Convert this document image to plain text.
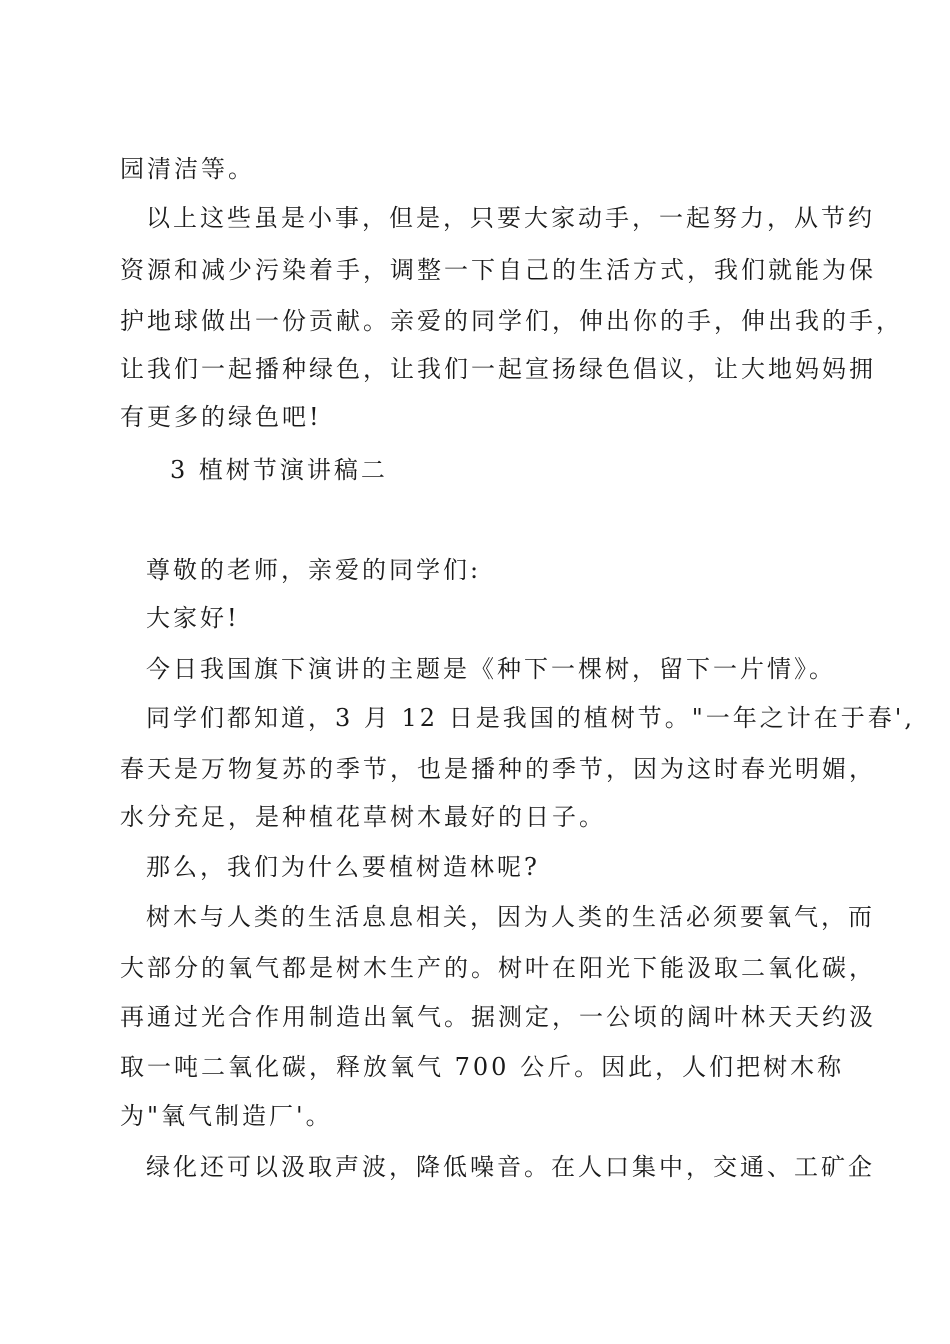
园清洁等。
以上这些虽是小事，但是，只要大家动手，一起努力，从节约
资源和减少污染着手，调整一下自己的生活方式，我们就能为保
护地球做出一份贡献。亲爱的同学们，伸出你的手，伸出我的手，
让我们一起播种绿色，让我们一起宣扬绿色倡议，让大地妈妈拥
有更多的绿色吧!
3 植树节演讲稿二
尊敬的老师，亲爱的同学们:
大家好!
今日我国旗下演讲的主题是《种下一棵树，留下一片情》。
同学们都知道，3 月 12 日是我国的植树节。"一年之计在于春',
春天是万物复苏的季节，也是播种的季节，因为这时春光明媚，
水分充足，是种植花草树木最好的日子。
那么，我们为什么要植树造林呢?
树木与人类的生活息息相关，因为人类的生活必须要氧气，而
大部分的氧气都是树木生产的。树叶在阳光下能汲取二氧化碳，
再通过光合作用制造出氧气。据测定，一公顷的阔叶林天天约汲
取一吨二氧化碳，释放氧气 700 公斤。因此，人们把树木称
为"氧气制造厂'。
绿化还可以汲取声波，降低噪音。在人口集中，交通、工矿企
